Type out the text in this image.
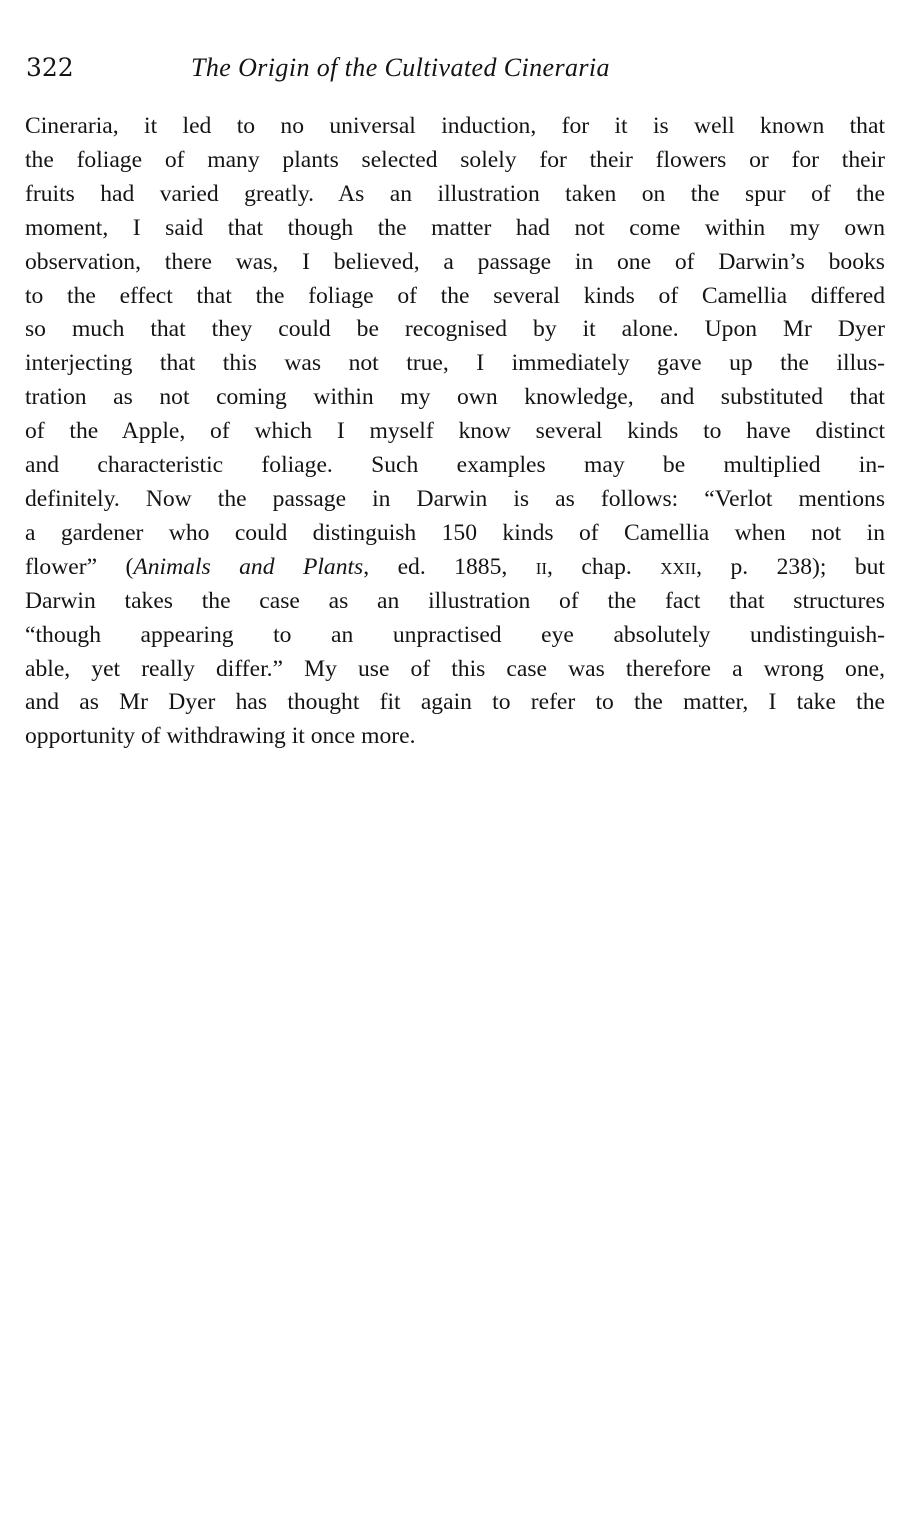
322	The Origin of the Cultivated Cineraria
Cineraria, it led to no universal induction, for it is well known that
the foliage of many plants selected solely for their flowers or for their
fruits had varied greatly. As an illustration taken on the spur of the
moment, I said that though the matter had not come within my own
observation, there was, I believed, a passage in one of Darwin’s books
to the effect that the foliage of the several kinds of Camellia differed
so much that they could be recognised by it alone. Upon Mr Dyer
interjecting that this was not true, I immediately gave up the illus-
tration as not coming within my own knowledge, and substituted that
of the Apple, of which I myself know several kinds to have distinct
and characteristic foliage. Such examples may be multiplied in-
definitely. Now the passage in Darwin is as follows: “Verlot mentions
a gardener who could distinguish 150 kinds of Camellia when not in
flower” (Animals and Plants, ed. 1885, ii, chap. xxii, p. 238); but
Darwin takes the case as an illustration of the fact that structures
“though appearing to an unpractised eye absolutely undistinguish-
able, yet really differ.” My use of this case was therefore a wrong one,
and as Mr Dyer has thought fit again to refer to the matter, I take the
opportunity of withdrawing it once more.
